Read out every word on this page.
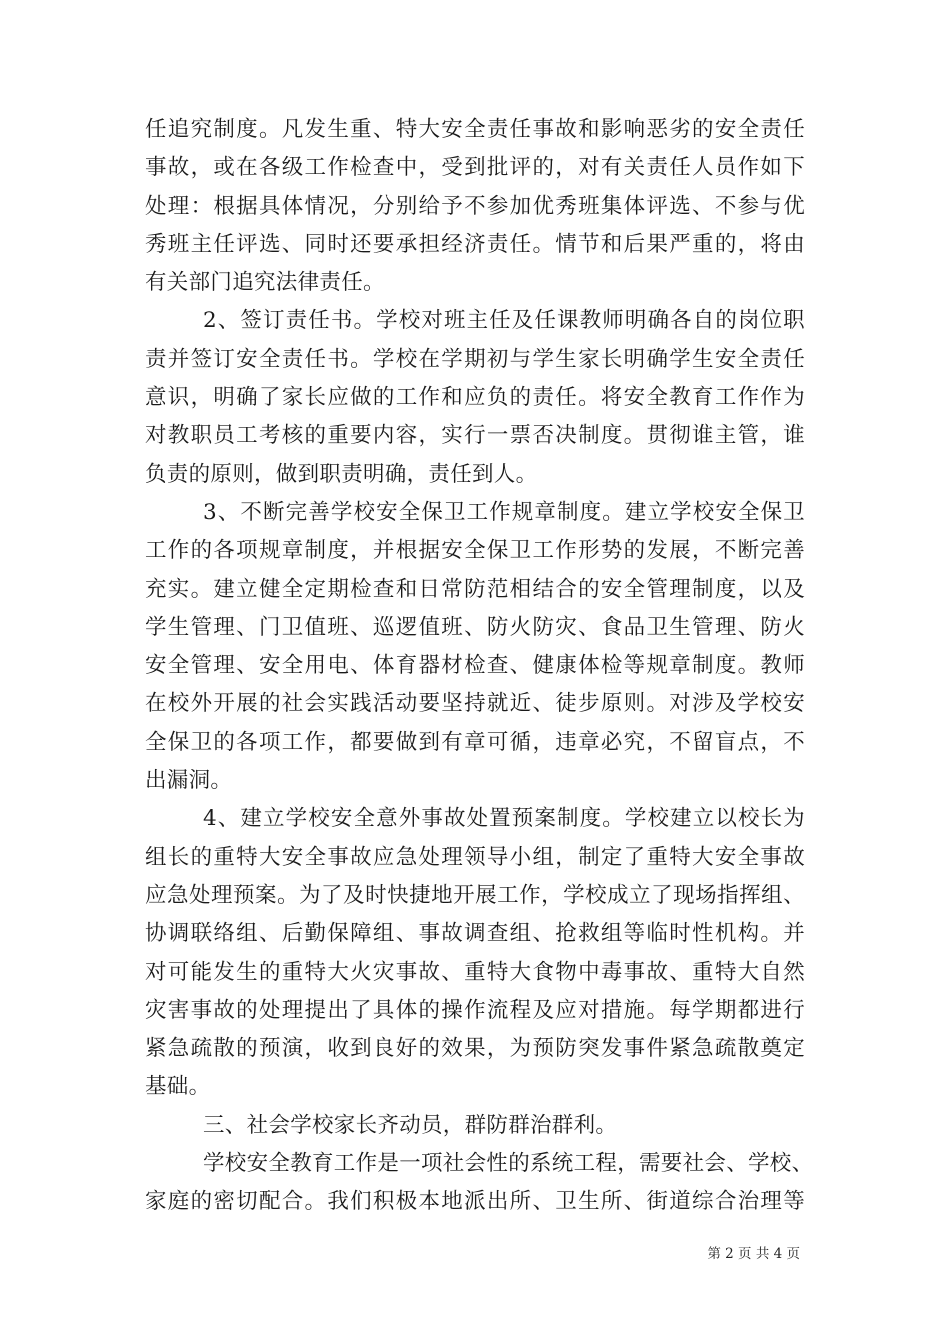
任追究制度。凡发生重、特大安全责任事故和影响恶劣的安全责任
事故，或在各级工作检查中，受到批评的，对有关责任人员作如下
处理：根据具体情况，分别给予不参加优秀班集体评选、不参与优
秀班主任评选、同时还要承担经济责任。情节和后果严重的，将由
有关部门追究法律责任。
2、签订责任书。学校对班主任及任课教师明确各自的岗位职
责并签订安全责任书。学校在学期初与学生家长明确学生安全责任
意识，明确了家长应做的工作和应负的责任。将安全教育工作作为
对教职员工考核的重要内容，实行一票否决制度。贯彻谁主管，谁
负责的原则，做到职责明确，责任到人。
3、不断完善学校安全保卫工作规章制度。建立学校安全保卫
工作的各项规章制度，并根据安全保卫工作形势的发展，不断完善
充实。建立健全定期检查和日常防范相结合的安全管理制度，以及
学生管理、门卫值班、巡逻值班、防火防灾、食品卫生管理、防火
安全管理、安全用电、体育器材检查、健康体检等规章制度。教师
在校外开展的社会实践活动要坚持就近、徒步原则。对涉及学校安
全保卫的各项工作，都要做到有章可循，违章必究，不留盲点，不
出漏洞。
4、建立学校安全意外事故处置预案制度。学校建立以校长为
组长的重特大安全事故应急处理领导小组，制定了重特大安全事故
应急处理预案。为了及时快捷地开展工作，学校成立了现场指挥组、
协调联络组、后勤保障组、事故调查组、抢救组等临时性机构。并
对可能发生的重特大火灾事故、重特大食物中毒事故、重特大自然
灾害事故的处理提出了具体的操作流程及应对措施。每学期都进行
紧急疏散的预演，收到良好的效果，为预防突发事件紧急疏散奠定
基础。
三、社会学校家长齐动员，群防群治群利。
学校安全教育工作是一项社会性的系统工程，需要社会、学校、
家庭的密切配合。我们积极本地派出所、卫生所、街道综合治理等
第 2 页 共 4 页
